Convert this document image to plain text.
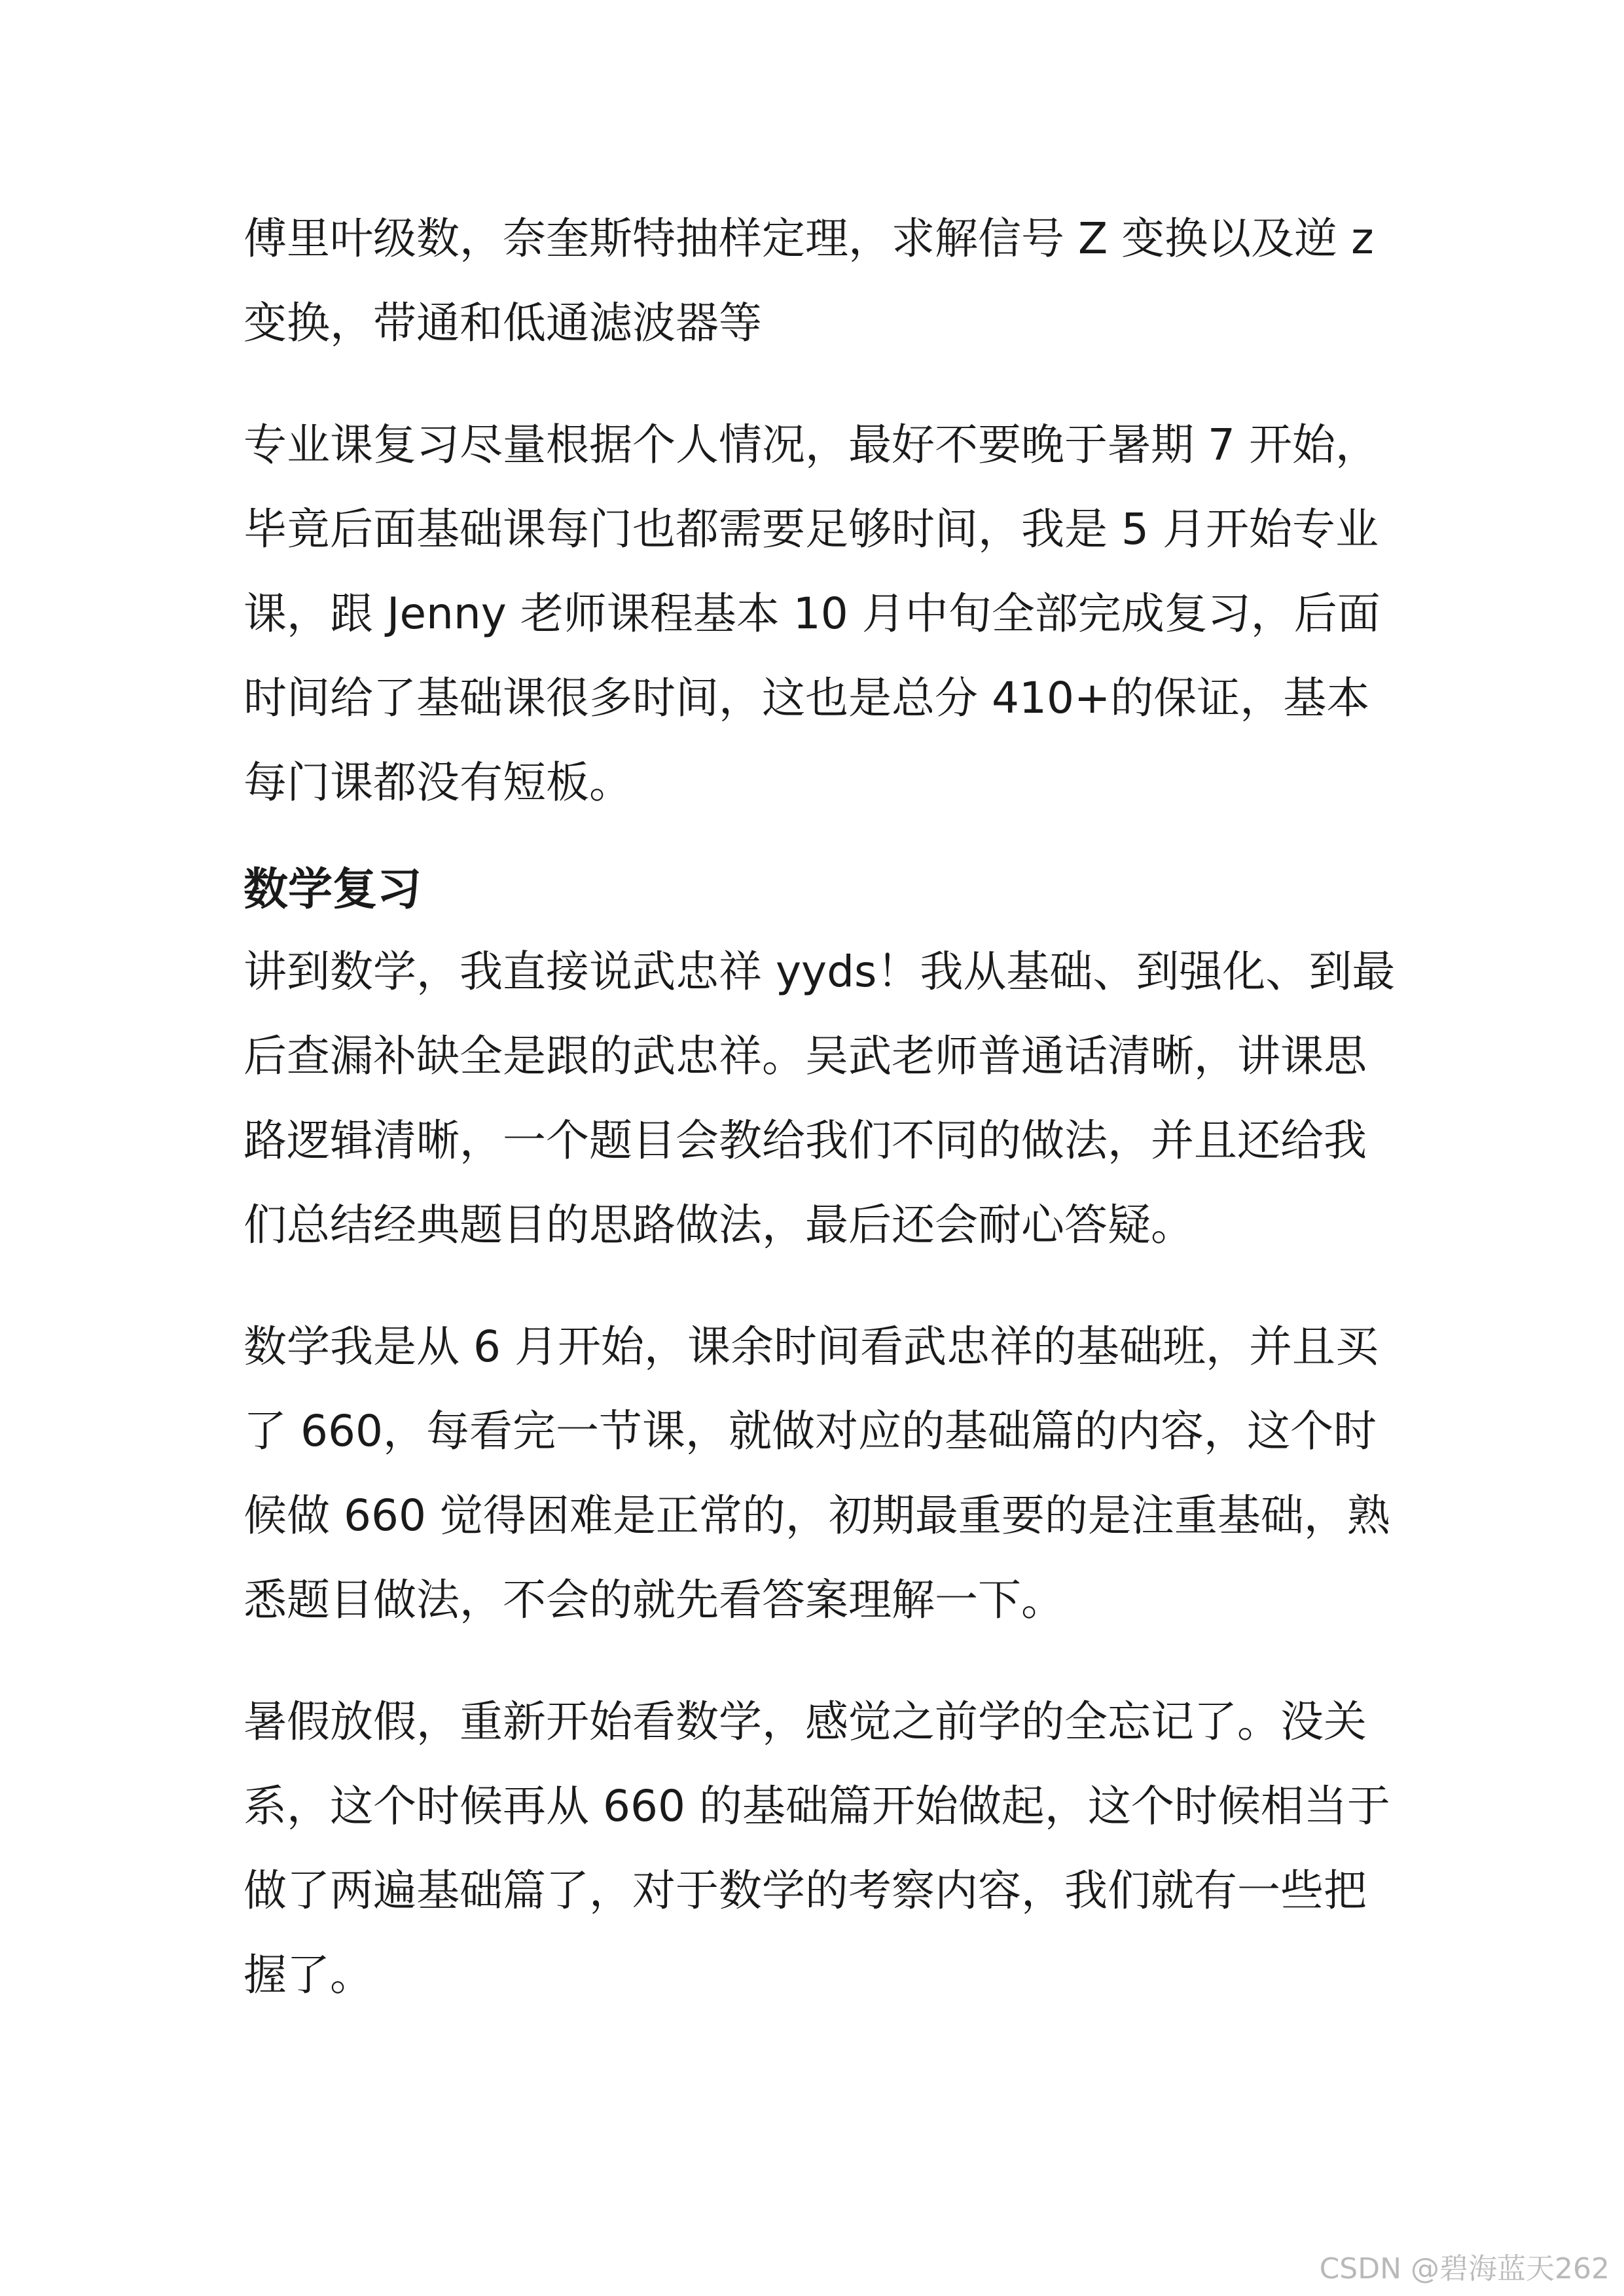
傅里叶级数，奈奎斯特抽样定理，求解信号 Z 变换以及逆 z
变换，带通和低通滤波器等
专业课复习尽量根据个人情况，最好不要晚于暑期 7 开始，
毕竟后面基础课每门也都需要足够时间，我是 5 月开始专业
课，跟 Jenny 老师课程基本 10 月中旬全部完成复习，后面
时间给了基础课很多时间，这也是总分 410+的保证，基本
每门课都没有短板。
数学复习
讲到数学，我直接说武忠祥 yyds！我从基础、到强化、到最
后查漏补缺全是跟的武忠祥。吴武老师普通话清晰，讲课思
路逻辑清晰，一个题目会教给我们不同的做法，并且还给我
们总结经典题目的思路做法，最后还会耐心答疑。
数学我是从 6 月开始，课余时间看武忠祥的基础班，并且买
了 660，每看完一节课，就做对应的基础篇的内容，这个时
候做 660 觉得困难是正常的，初期最重要的是注重基础，熟
悉题目做法，不会的就先看答案理解一下。
暑假放假，重新开始看数学，感觉之前学的全忘记了。没关
系，这个时候再从 660 的基础篇开始做起，这个时候相当于
做了两遍基础篇了，对于数学的考察内容，我们就有一些把
握了。
CSDN @碧海蓝天262
